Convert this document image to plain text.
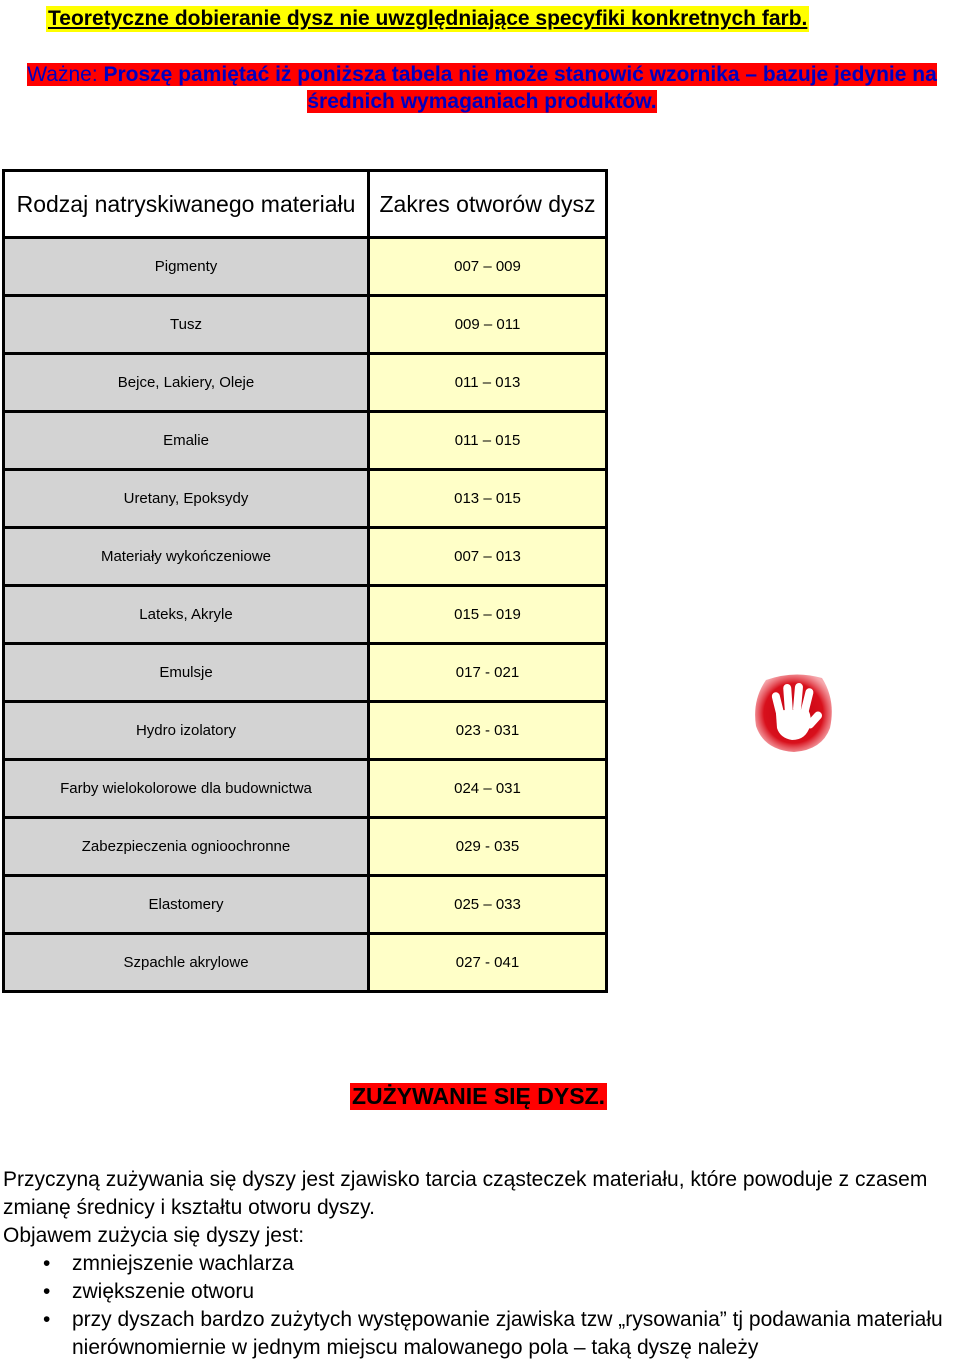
Teoretyczne dobieranie dysz nie uwzględniające specyfiki konkretnych farb.
Ważne: Proszę pamiętać iż poniższa tabela nie może stanowić wzornika – bazuje jedynie na średnich wymaganiach produktów.
Rodzaj natryskiwanego materiału	Zakres otworów dysz
Pigmenty	007 – 009
Tusz	009 – 011
Bejce, Lakiery, Oleje	011 – 013
Emalie	011 – 015
Uretany, Epoksydy	013 – 015
Materiały wykończeniowe	007 – 013
Lateks, Akryle	015 – 019
Emulsje	017 - 021
Hydro izolatory	023 - 031
Farby wielokolorowe dla budownictwa	024 – 031
Zabezpieczenia ognioochronne	029 - 035
Elastomery	025 – 033
Szpachle akrylowe	027 - 041
ZUŻYWANIE SIĘ DYSZ.

Przyczyną zużywania się dyszy jest zjawisko tarcia cząsteczek materiału, które powoduje z czasem zmianę średnicy i kształtu otworu dyszy.

Objawem zużycia się dyszy jest:

• zmniejszenie wachlarza
• zwiększenie otworu
• przy dyszach bardzo zużytych występowanie zjawiska tzw „rysowania” tj podawania materiału nierównomiernie w jednym miejscu malowanego pola – taką dyszę należy
